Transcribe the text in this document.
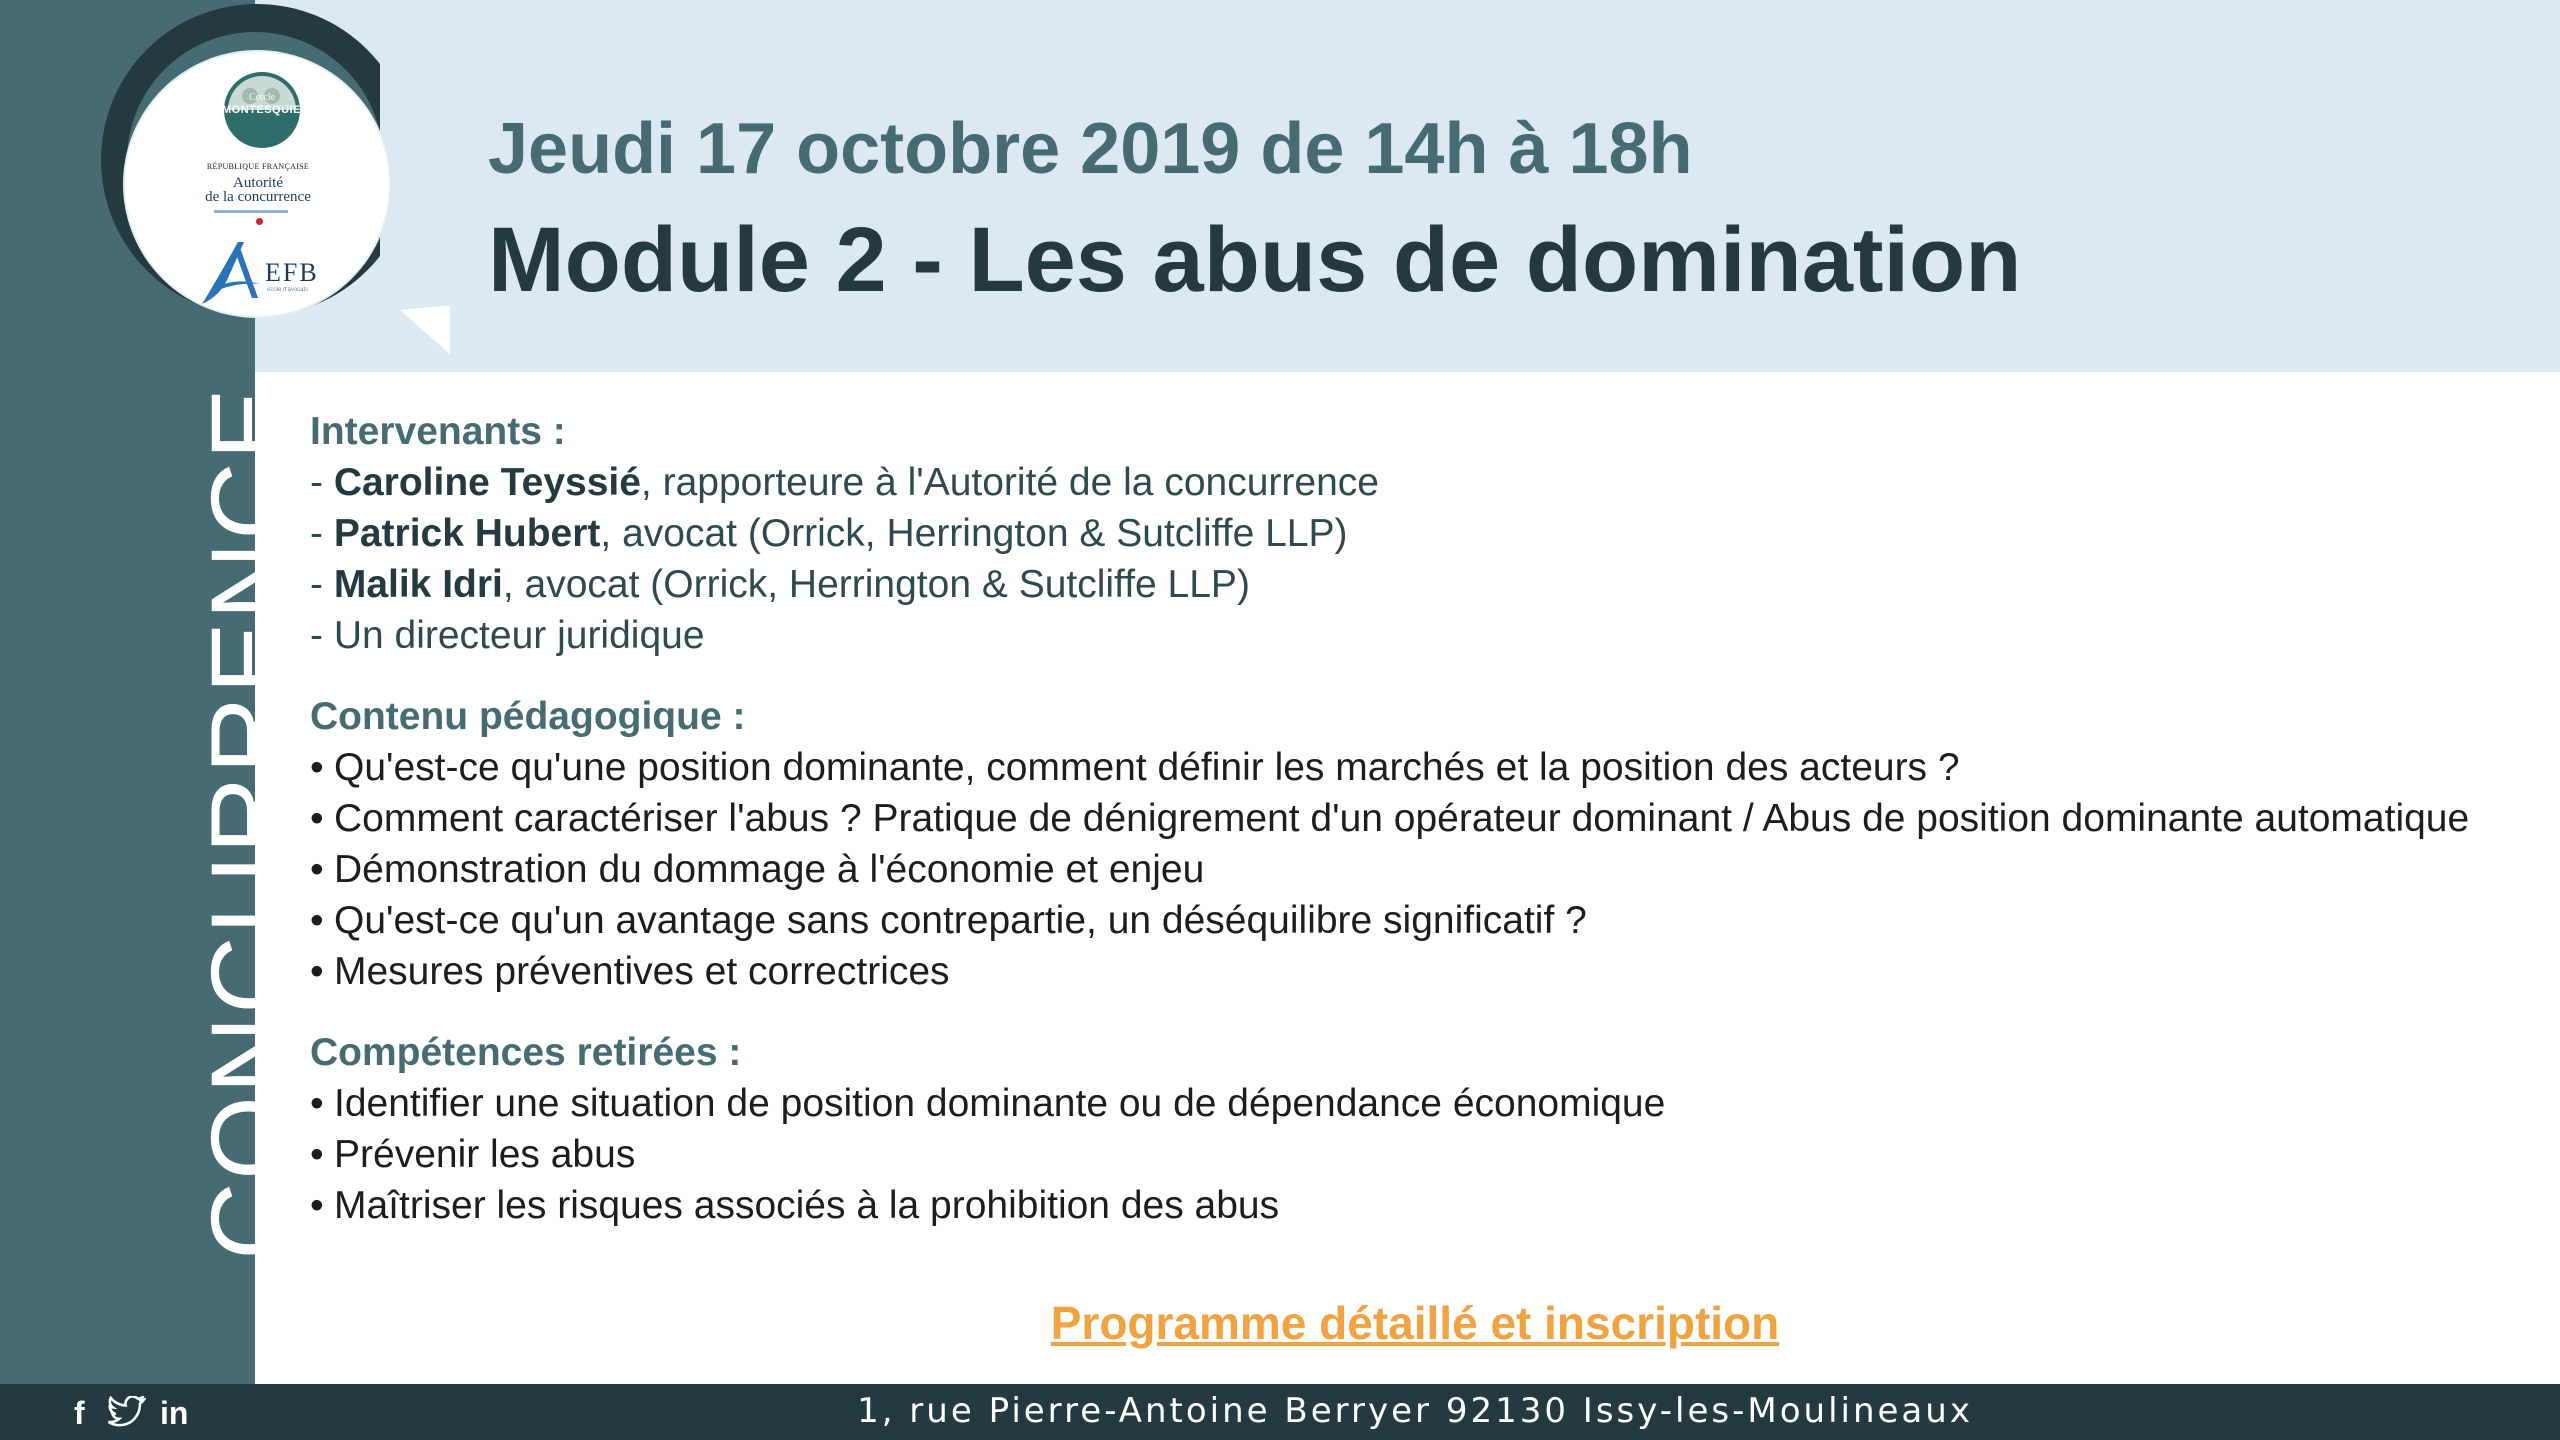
Cercle
MONTESQUIEU
RÉPUBLIQUE FRANÇAISE
Autorité
de la concurrence
EFB
école d'avocats
Jeudi 17 octobre 2019 de 14h à 18h
Module 2 - Les abus de domination
CONCURRENCE Intervenants :

- Caroline Teyssié, rapporteure à l'Autorité de la concurrence

- Patrick Hubert, avocat (Orrick, Herrington & Sutcliffe LLP)

- Malik Idri, avocat (Orrick, Herrington & Sutcliffe LLP)

- Un directeur juridique

Contenu pédagogique :

• Qu'est-ce qu'une position dominante, comment définir les marchés et la position des acteurs ?

• Comment caractériser l'abus ? Pratique de dénigrement d'un opérateur dominant / Abus de position dominante automatique

• Démonstration du dommage à l'économie et enjeu

• Qu'est-ce qu'un avantage sans contrepartie, un déséquilibre significatif ?

• Mesures préventives et correctrices

Compétences retirées :

• Identifier une situation de position dominante ou de dépendance économique

• Prévenir les abus

• Maîtriser les risques associés à la prohibition des abus

Programme détaillé et inscription
f in	1, rue Pierre-Antoine Berryer 92130 Issy-les-Moulineaux
